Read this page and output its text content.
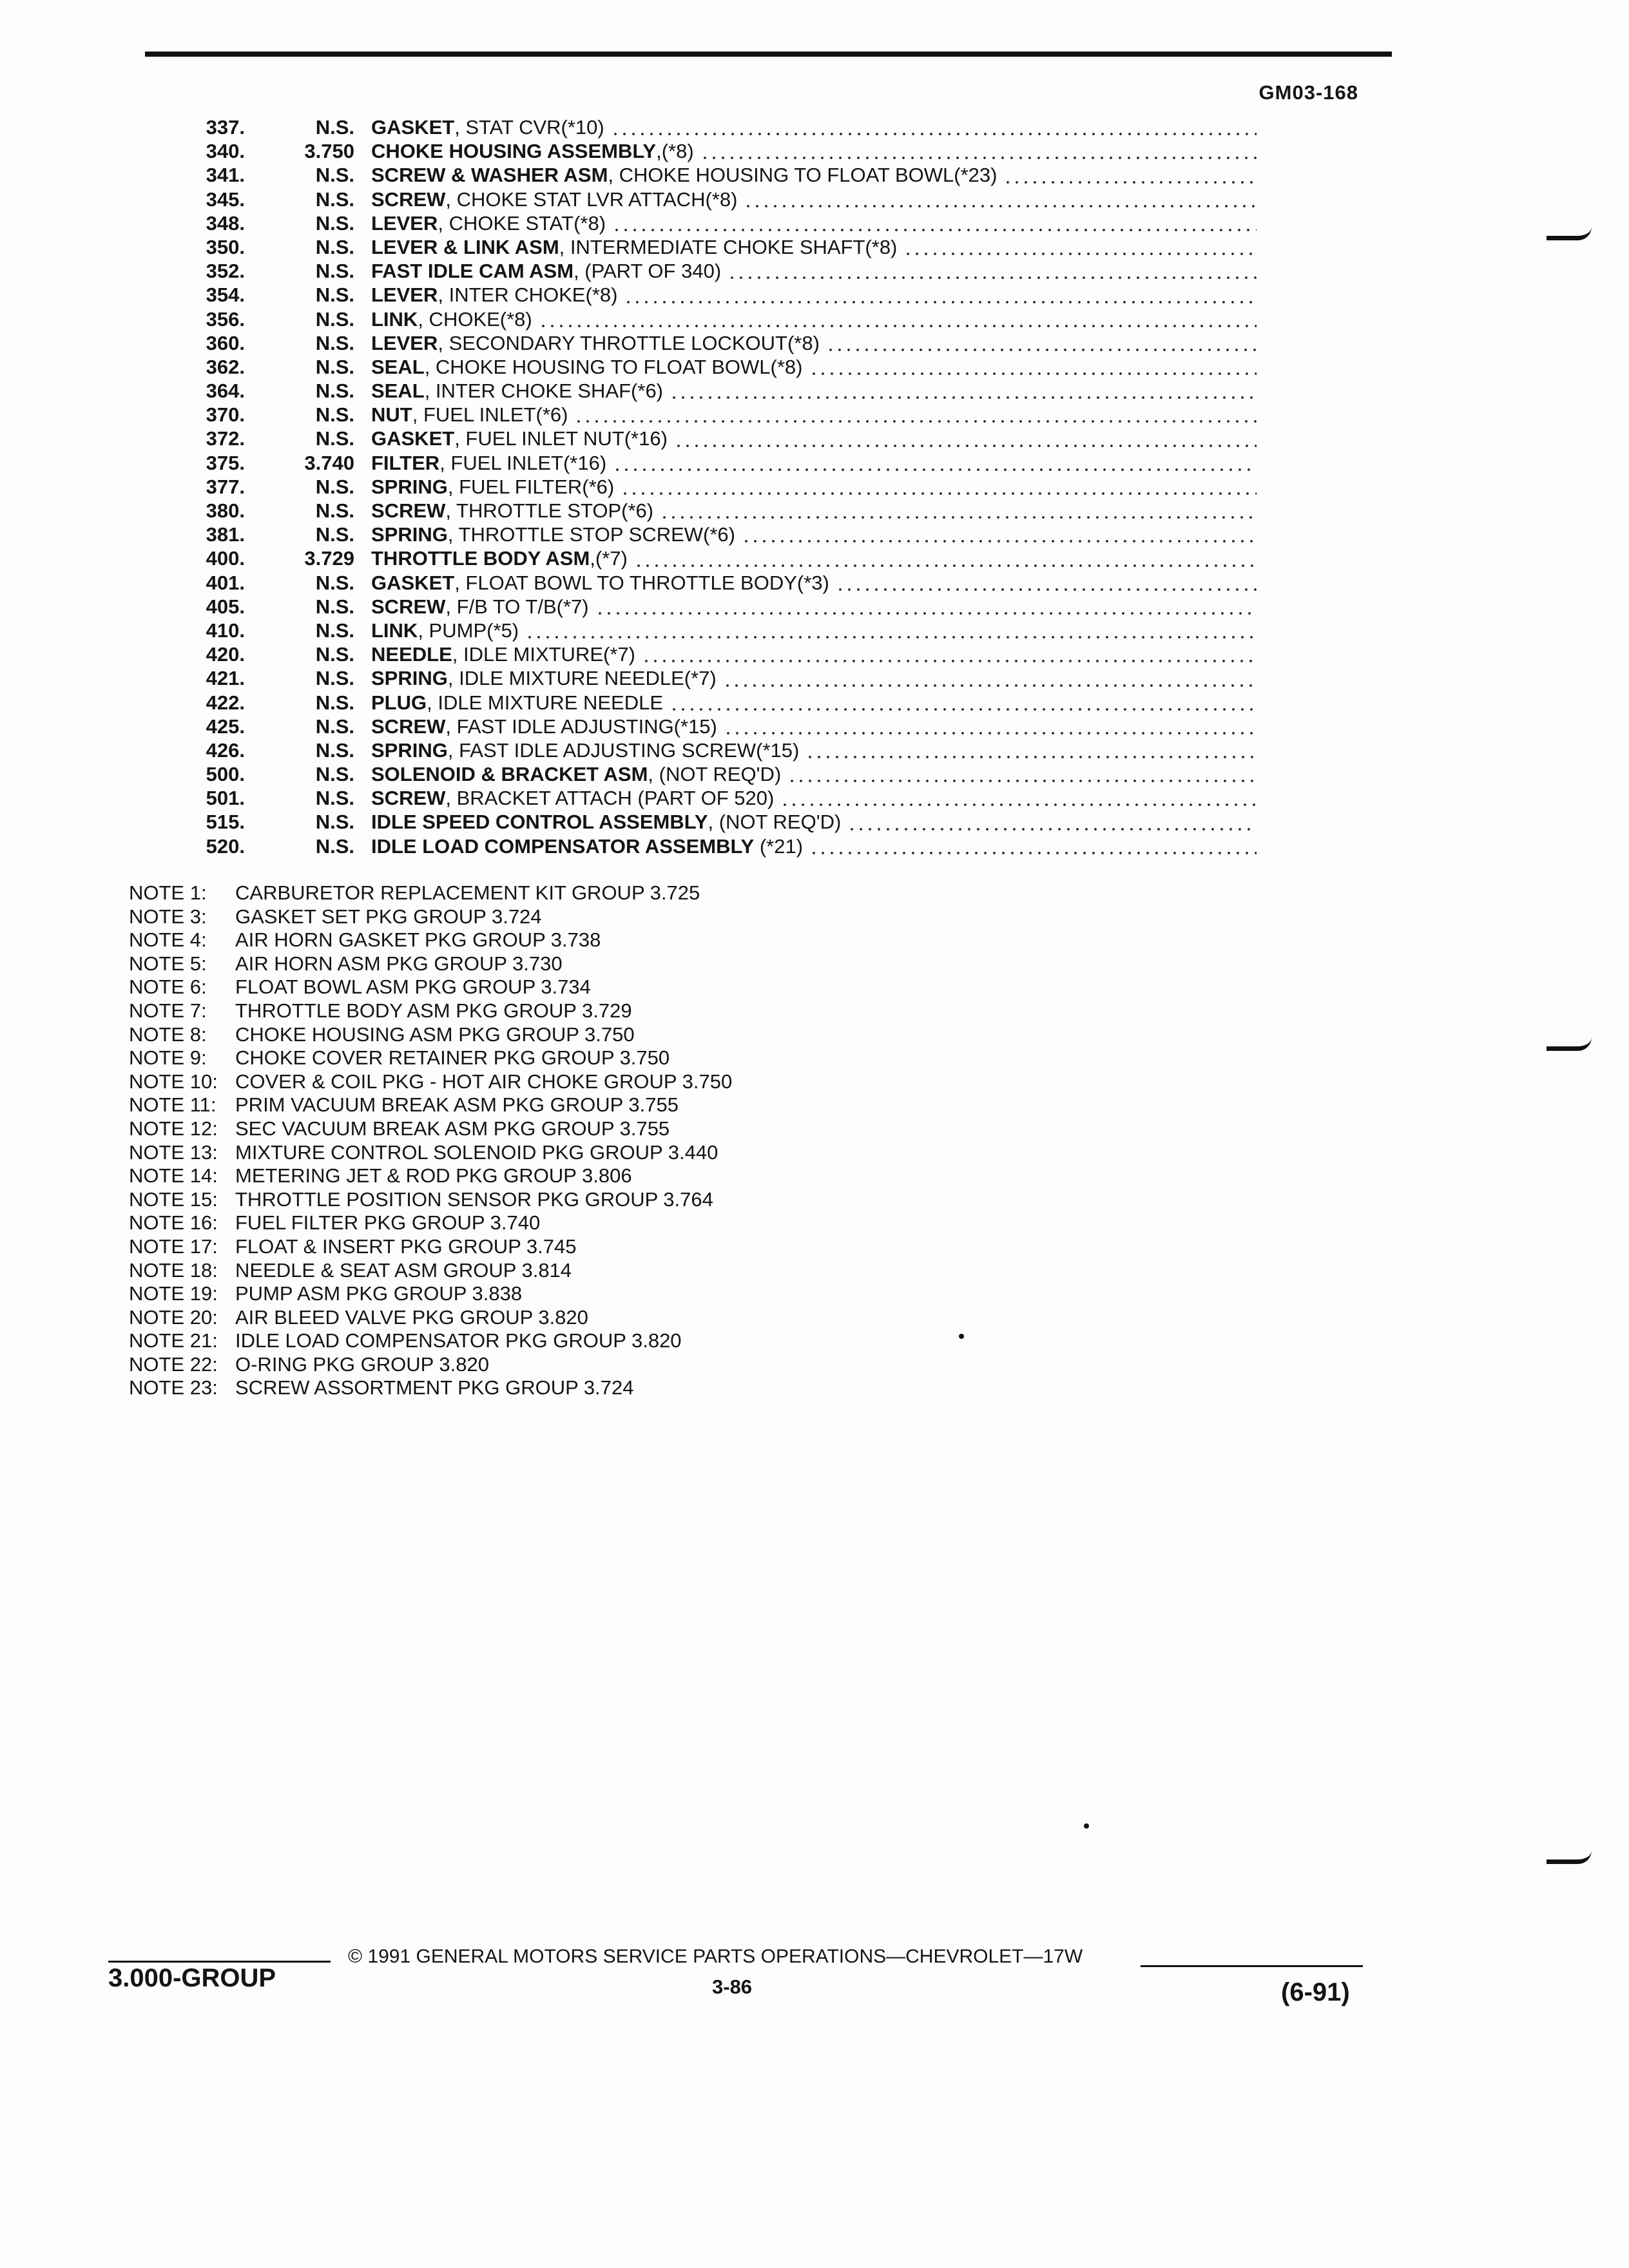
GM03-168
337.	N.S. GASKET, STAT CVR(*10)
340.	3.750 CHOKE HOUSING ASSEMBLY,(*8)
341.	N.S. SCREW & WASHER ASM, CHOKE HOUSING TO FLOAT BOWL(*23)
345.	N.S. SCREW, CHOKE STAT LVR ATTACH(*8)
348.	N.S. LEVER, CHOKE STAT(*8)
350.	N.S. LEVER & LINK ASM, INTERMEDIATE CHOKE SHAFT(*8)
352.	N.S. FAST IDLE CAM ASM, (PART OF 340)
354.	N.S. LEVER, INTER CHOKE(*8)
356.	N.S. LINK, CHOKE(*8)
360.	N.S. LEVER, SECONDARY THROTTLE LOCKOUT(*8)
362.	N.S. SEAL, CHOKE HOUSING TO FLOAT BOWL(*8)
364.	N.S. SEAL, INTER CHOKE SHAF(*6)
370.	N.S. NUT, FUEL INLET(*6)
372.	N.S. GASKET, FUEL INLET NUT(*16)
375.	3.740 FILTER, FUEL INLET(*16)
377.	N.S. SPRING, FUEL FILTER(*6)
380.	N.S. SCREW, THROTTLE STOP(*6)
381.	N.S. SPRING, THROTTLE STOP SCREW(*6)
400.	3.729 THROTTLE BODY ASM,(*7)
401.	N.S. GASKET, FLOAT BOWL TO THROTTLE BODY(*3)
405.	N.S. SCREW, F/B TO T/B(*7)
410.	N.S. LINK, PUMP(*5)
420.	N.S. NEEDLE, IDLE MIXTURE(*7)
421.	N.S. SPRING, IDLE MIXTURE NEEDLE(*7)
422.	N.S. PLUG, IDLE MIXTURE NEEDLE
425.	N.S. SCREW, FAST IDLE ADJUSTING(*15)
426.	N.S. SPRING, FAST IDLE ADJUSTING SCREW(*15)
500.	N.S. SOLENOID & BRACKET ASM, (NOT REQ'D)
501.	N.S. SCREW, BRACKET ATTACH (PART OF 520)
515.	N.S. IDLE SPEED CONTROL ASSEMBLY, (NOT REQ'D)
520.	N.S. IDLE LOAD COMPENSATOR ASSEMBLY (*21)
NOTE 1:	CARBURETOR REPLACEMENT KIT GROUP 3.725
NOTE 3:	GASKET SET PKG GROUP 3.724
NOTE 4:	AIR HORN GASKET PKG GROUP 3.738
NOTE 5:	AIR HORN ASM PKG GROUP 3.730
NOTE 6:	FLOAT BOWL ASM PKG GROUP 3.734
NOTE 7:	THROTTLE BODY ASM PKG GROUP 3.729
NOTE 8:	CHOKE HOUSING ASM PKG GROUP 3.750
NOTE 9:	CHOKE COVER RETAINER PKG GROUP 3.750
NOTE 10: COVER & COIL PKG - HOT AIR CHOKE GROUP 3.750
NOTE 11: PRIM VACUUM BREAK ASM PKG GROUP 3.755
NOTE 12: SEC VACUUM BREAK ASM PKG GROUP 3.755
NOTE 13: MIXTURE CONTROL SOLENOID PKG GROUP 3.440
NOTE 14: METERING JET & ROD PKG GROUP 3.806
NOTE 15: THROTTLE POSITION SENSOR PKG GROUP 3.764
NOTE 16: FUEL FILTER PKG GROUP 3.740
NOTE 17: FLOAT & INSERT PKG GROUP 3.745
NOTE 18: NEEDLE & SEAT ASM GROUP 3.814
NOTE 19: PUMP ASM PKG GROUP 3.838
NOTE 20: AIR BLEED VALVE PKG GROUP 3.820
NOTE 21: IDLE LOAD COMPENSATOR PKG GROUP 3.820
NOTE 22: O-RING PKG GROUP 3.820
NOTE 23: SCREW ASSORTMENT PKG GROUP 3.724
3.000-GROUP
© 1991 GENERAL MOTORS SERVICE PARTS OPERATIONS—CHEVROLET—17W
3-86	(6-91)
